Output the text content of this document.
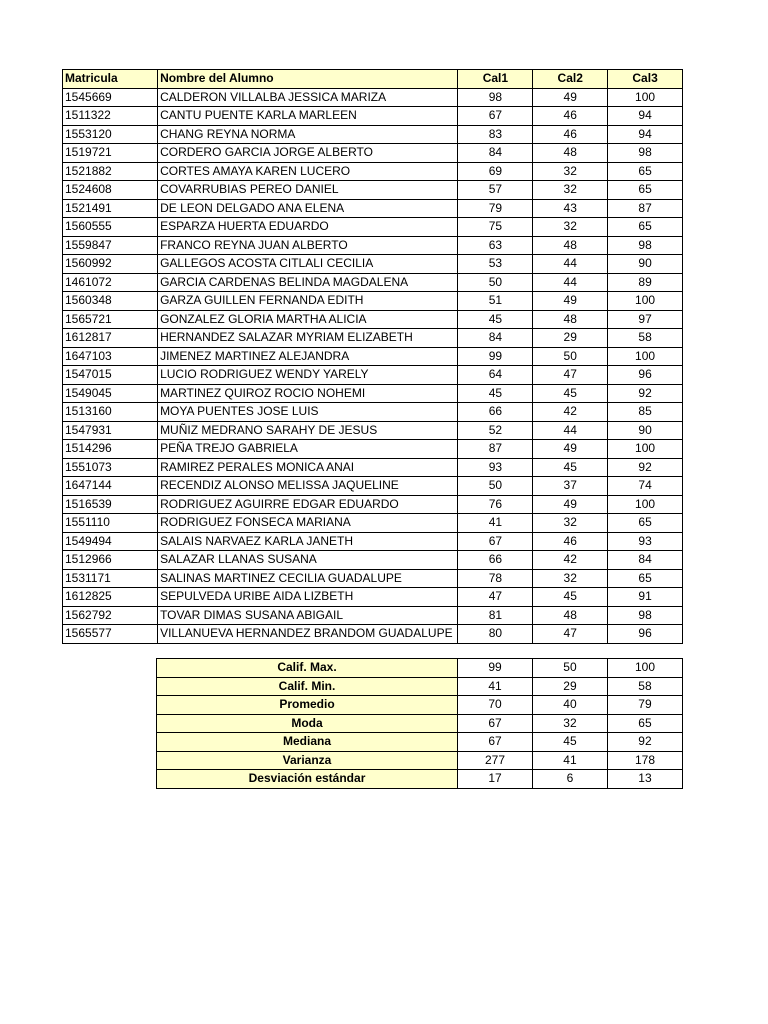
Matricula	Nombre del Alumno	Cal1	Cal2	Cal3
1545669	CALDERON VILLALBA JESSICA MARIZA	98	49	100
1511322	CANTU PUENTE KARLA MARLEEN	67	46	94
1553120	CHANG REYNA NORMA	83	46	94
1519721	CORDERO GARCIA JORGE ALBERTO	84	48	98
1521882	CORTES AMAYA KAREN LUCERO	69	32	65
1524608	COVARRUBIAS PEREO DANIEL	57	32	65
1521491	DE LEON DELGADO ANA ELENA	79	43	87
1560555	ESPARZA HUERTA EDUARDO	75	32	65
1559847	FRANCO REYNA JUAN ALBERTO	63	48	98
1560992	GALLEGOS ACOSTA CITLALI CECILIA	53	44	90
1461072	GARCIA CARDENAS BELINDA MAGDALENA	50	44	89
1560348	GARZA GUILLEN FERNANDA EDITH	51	49	100
1565721	GONZALEZ GLORIA MARTHA ALICIA	45	48	97
1612817	HERNANDEZ SALAZAR MYRIAM ELIZABETH	84	29	58
1647103	JIMENEZ MARTINEZ ALEJANDRA	99	50	100
1547015	LUCIO RODRIGUEZ WENDY YARELY	64	47	96
1549045	MARTINEZ QUIROZ ROCIO NOHEMI	45	45	92
1513160	MOYA PUENTES JOSE LUIS	66	42	85
1547931	MUÑIZ MEDRANO SARAHY DE JESUS	52	44	90
1514296	PEÑA TREJO GABRIELA	87	49	100
1551073	RAMIREZ PERALES MONICA ANAI	93	45	92
1647144	RECENDIZ ALONSO MELISSA JAQUELINE	50	37	74
1516539	RODRIGUEZ AGUIRRE EDGAR EDUARDO	76	49	100
1551110	RODRIGUEZ FONSECA MARIANA	41	32	65
1549494	SALAIS NARVAEZ KARLA JANETH	67	46	93
1512966	SALAZAR LLANAS SUSANA	66	42	84
1531171	SALINAS MARTINEZ CECILIA GUADALUPE	78	32	65
1612825	SEPULVEDA URIBE AIDA LIZBETH	47	45	91
1562792	TOVAR DIMAS SUSANA ABIGAIL	81	48	98
1565577	VILLANUEVA HERNANDEZ BRANDOM GUADALUPE	80	47	96
Calif. Max.	99	50	100
Calif. Min.	41	29	58
Promedio	70	40	79
Moda	67	32	65
Mediana	67	45	92
Varianza	277	41	178
Desviación estándar	17	6	13
